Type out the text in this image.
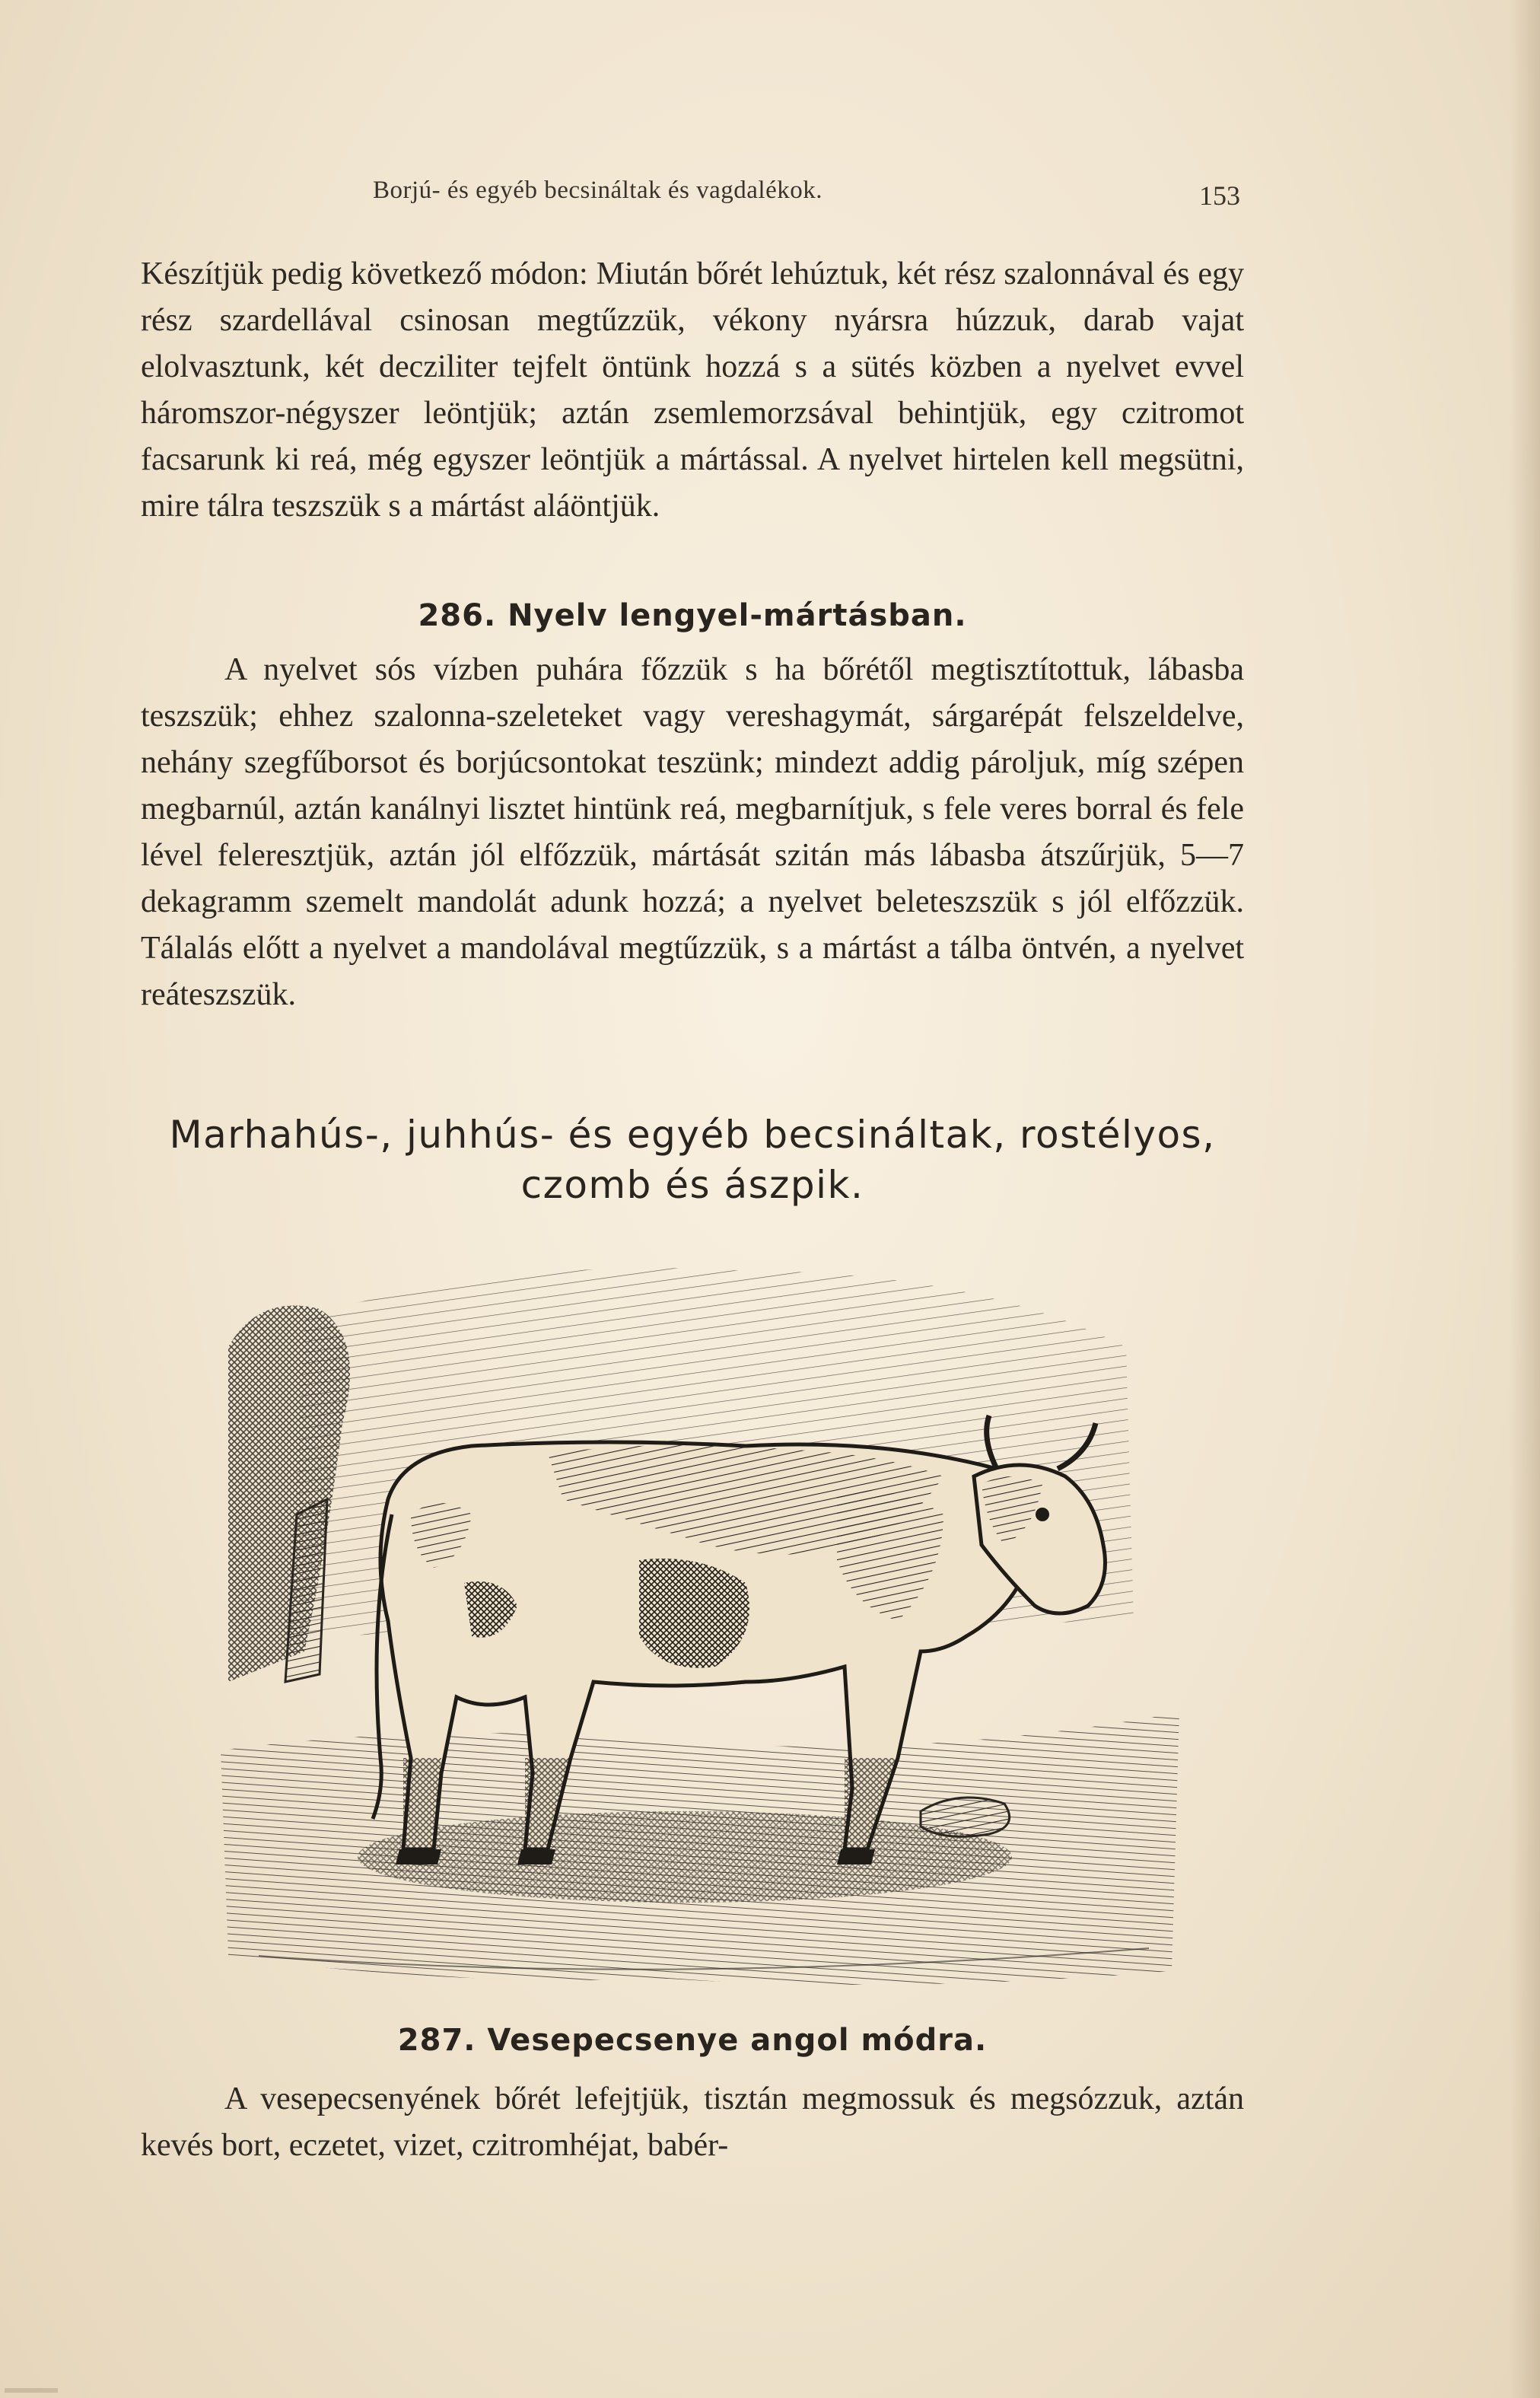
Borjú- és egyéb becsináltak és vagdalékok.	153
Készítjük pedig következő módon: Miután bőrét lehúztuk, két rész szalonnával és egy rész szardellával csinosan megtűzzük, vékony nyársra húzzuk, darab vajat elolvasztunk, két decziliter tejfelt öntünk hozzá s a sütés közben a nyelvet evvel háromszor-négyszer leöntjük; aztán zsemlemorzsával behintjük, egy czitromot facsarunk ki reá, még egyszer leöntjük a mártással. A nyelvet hirtelen kell megsütni, mire tálra teszszük s a mártást aláöntjük.
286. Nyelv lengyel-mártásban.
A nyelvet sós vízben puhára főzzük s ha bőrétől megtisztítottuk, lábasba teszszük; ehhez szalonna-szeleteket vagy vereshagymát, sárgarépát felszeldelve, nehány szegfűborsot és borjúcsontokat teszünk; mindezt addig pároljuk, míg szépen megbarnúl, aztán kanálnyi lisztet hintünk reá, megbarnítjuk, s fele veres borral és fele lével feleresztjük, aztán jól elfőzzük, mártását szitán más lábasba átszűrjük, 5—7 dekagramm szemelt mandolát adunk hozzá; a nyelvet beleteszszük s jól elfőzzük. Tálalás előtt a nyelvet a mandolával megtűzzük, s a mártást a tálba öntvén, a nyelvet reáteszszük.
Marhahús-, juhhús- és egyéb becsináltak, rostélyos,
czomb és ászpik.
287. Vesepecsenye angol módra.
A vesepecsenyének bőrét lefejtjük, tisztán megmossuk és megsózzuk, aztán kevés bort, eczetet, vizet, czitromhéjat, babér-
